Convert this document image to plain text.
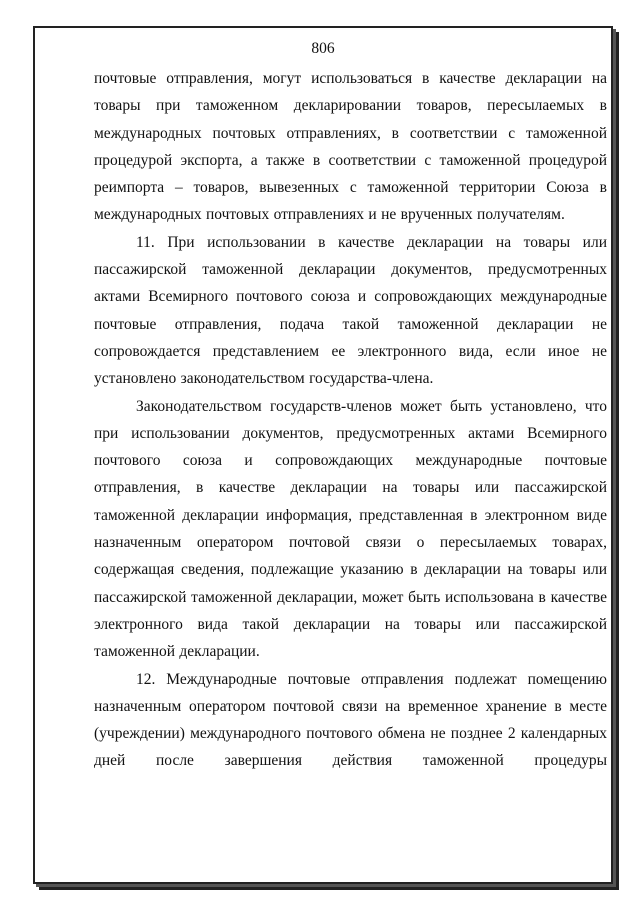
806

почтовые отправления, могут использоваться в качестве декларации на товары при таможенном декларировании товаров, пересылаемых в международных почтовых отправлениях, в соответствии с таможенной процедурой экспорта, а также в соответствии с таможенной процедурой реимпорта – товаров, вывезенных с таможенной территории Союза в международных почтовых отправлениях и не врученных получателям.

11. При использовании в качестве декларации на товары или пассажирской таможенной декларации документов, предусмотренных актами Всемирного почтового союза и сопровождающих международные почтовые отправления, подача такой таможенной декларации не сопровождается представлением ее электронного вида, если иное не установлено законодательством государства-члена.

Законодательством государств-членов может быть установлено, что при использовании документов, предусмотренных актами Всемирного почтового союза и сопровождающих международные почтовые отправления, в качестве декларации на товары или пассажирской таможенной декларации информация, представленная в электронном виде назначенным оператором почтовой связи о пересылаемых товарах, содержащая сведения, подлежащие указанию в декларации на товары или пассажирской таможенной декларации, может быть использована в качестве электронного вида такой декларации на товары или пассажирской таможенной декларации.

12. Международные почтовые отправления подлежат помещению назначенным оператором почтовой связи на временное хранение в месте (учреждении) международного почтового обмена не позднее 2 календарных дней после завершения действия таможенной процедуры
